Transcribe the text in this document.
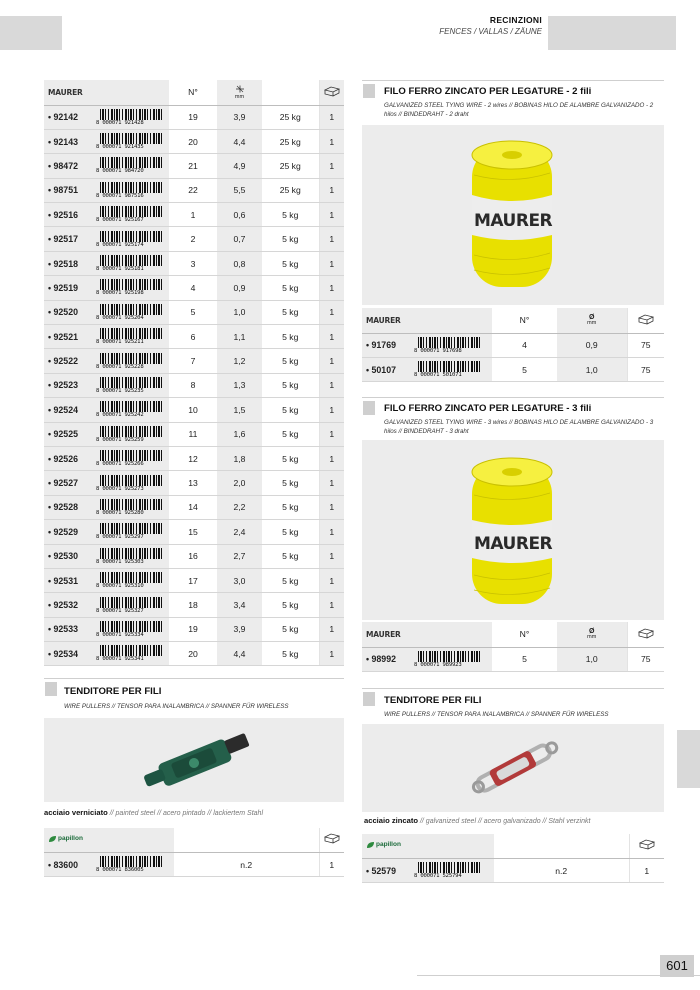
RECINZIONI
FENCES / VALLAS / ZÄUNE
MAURER		N°	mm

• 92142	8 000071 921428	19	3,9	25 kg	1
• 92143	8 000071 921435	20	4,4	25 kg	1
• 98472	8 000071 984720	21	4,9	25 kg	1
• 98751	8 000071 987516	22	5,5	25 kg	1
• 92516	8 000071 925167	1	0,6	5 kg	1
• 92517	8 000071 925174	2	0,7	5 kg	1
• 92518	8 000071 925181	3	0,8	5 kg	1
• 92519	8 000071 925198	4	0,9	5 kg	1
• 92520	8 000071 925204	5	1,0	5 kg	1
• 92521	8 000071 925211	6	1,1	5 kg	1
• 92522	8 000071 925228	7	1,2	5 kg	1
• 92523	8 000071 925235	8	1,3	5 kg	1
• 92524	8 000071 925242	10	1,5	5 kg	1
• 92525	8 000071 925259	11	1,6	5 kg	1
• 92526	8 000071 925266	12	1,8	5 kg	1
• 92527	8 000071 925273	13	2,0	5 kg	1
• 92528	8 000071 925280	14	2,2	5 kg	1
• 92529	8 000071 925297	15	2,4	5 kg	1
• 92530	8 000071 925303	16	2,7	5 kg	1
• 92531	8 000071 925310	17	3,0	5 kg	1
• 92532	8 000071 925327	18	3,4	5 kg	1
• 92533	8 000071 925334	19	3,9	5 kg	1
• 92534	8 000071 925341	20	4,4	5 kg	1
FILO FERRO ZINCATO PER LEGATURE - 2 fili
GALVANIZED STEEL TYING WIRE - 2 wires // BOBINAS HILO DE ALAMBRE GALVANIZADO - 2 hilos // BINDEDRAHT - 2 draht
MAURER
MAURER		N°	Ø
mm

• 91769	8 000071 917698	4	0,9	75
• 50107	8 000071 501071	5	1,0	75
FILO FERRO ZINCATO PER LEGATURE - 3 fili
GALVANIZED STEEL TYING WIRE - 3 wires // BOBINAS HILO DE ALAMBRE GALVANIZADO - 3 hilos // BINDEDRAHT - 3 draht
MAURER
MAURER		N°	Ø
mm

• 98992	8 000071 989923	5	1,0	75
TENDITORE PER FILI
WIRE PULLERS // TENSOR PARA INALAMBRICA // SPANNER FÜR WIRELESS
acciaio verniciato // painted steel // acero pintado // lackiertem Stahl
papillon

• 83600	8 000071 836005	n.2	1
TENDITORE PER FILI
WIRE PULLERS // TENSOR PARA INALAMBRICA // SPANNER FÜR WIRELESS
acciaio zincato // galvanized steel // acero galvanizado // Stahl verzinkt
papillon

• 52579	8 000071 525794	n.2	1
601
